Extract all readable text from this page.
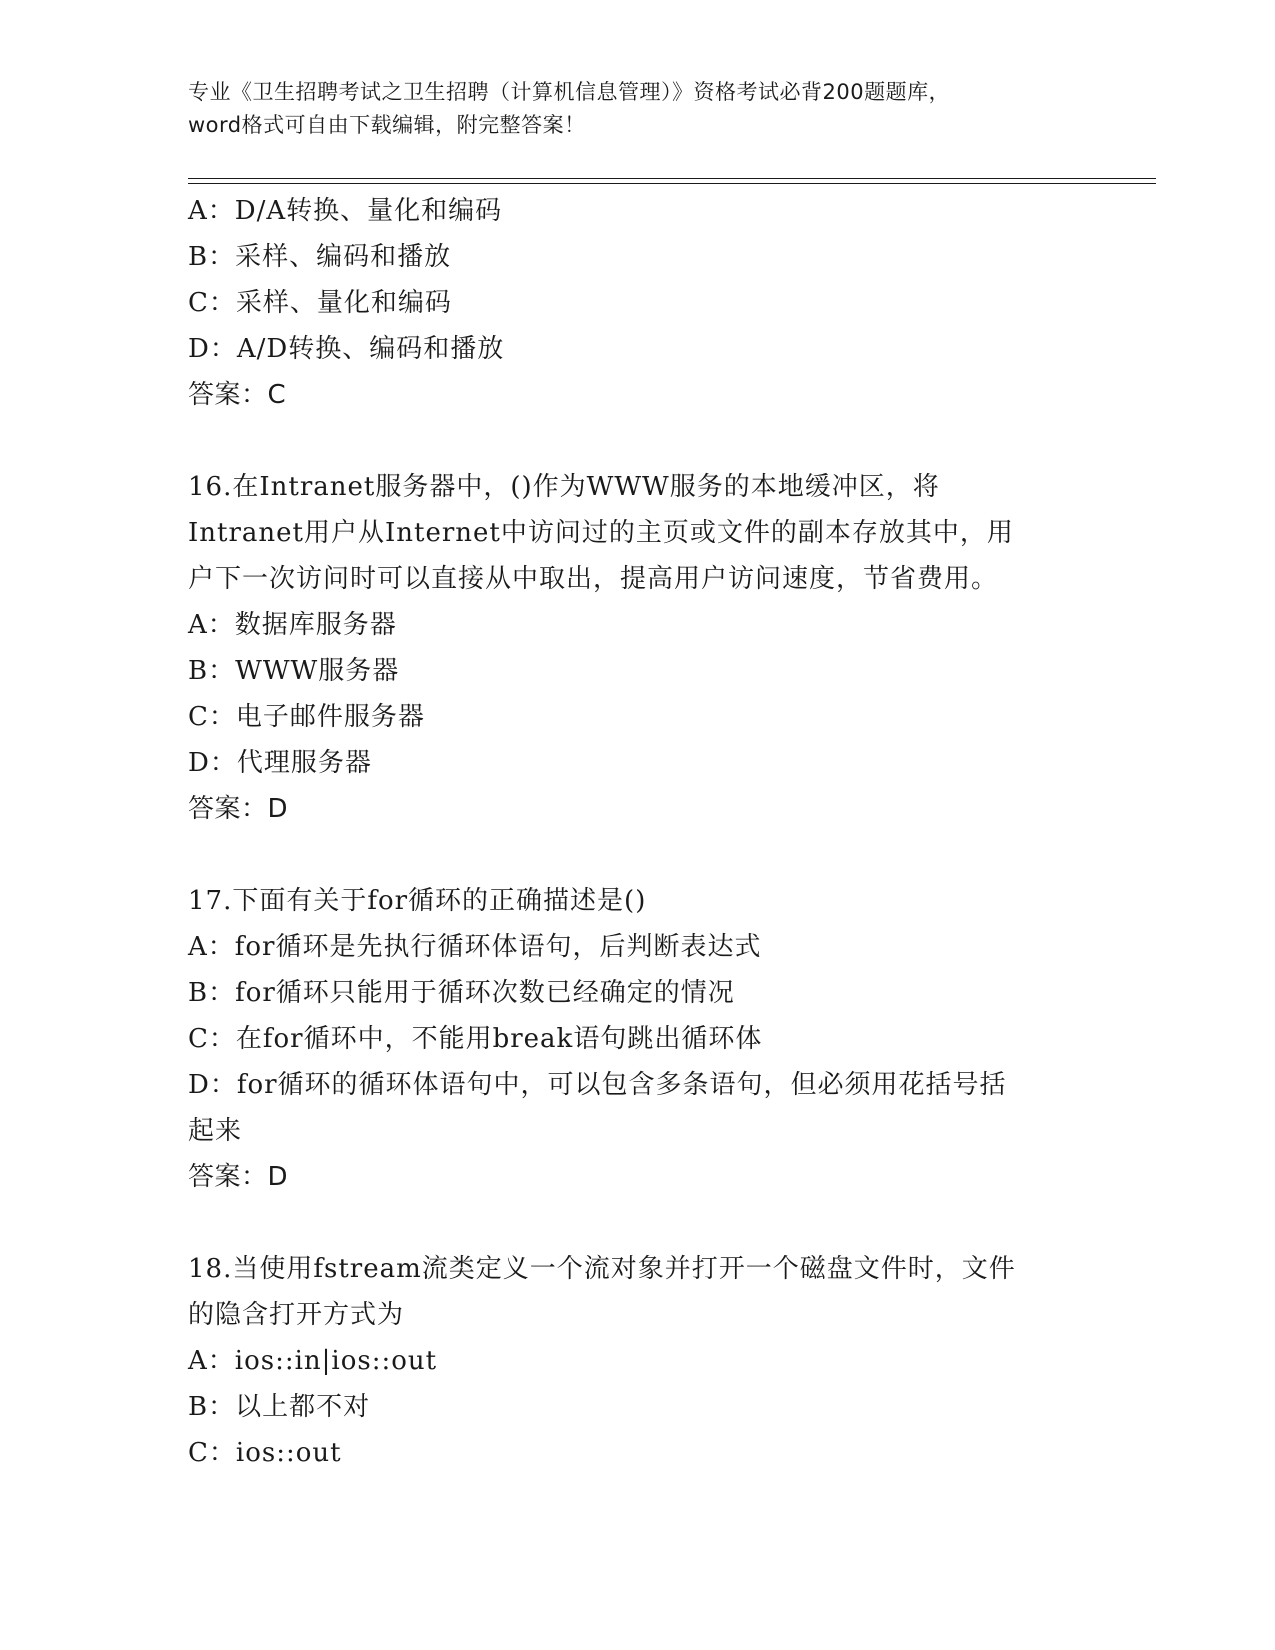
专业《卫生招聘考试之卫生招聘（计算机信息管理）》资格考试必背200题题库，
word格式可自由下载编辑，附完整答案！
A：D/A转换、量化和编码
B：采样、编码和播放
C：采样、量化和编码
D：A/D转换、编码和播放
答案：C
16.在Intranet服务器中，()作为WWW服务的本地缓冲区，将
Intranet用户从Internet中访问过的主页或文件的副本存放其中，用
户下一次访问时可以直接从中取出，提高用户访问速度，节省费用。
A：数据库服务器
B：WWW服务器
C：电子邮件服务器
D：代理服务器
答案：D
17.下面有关于for循环的正确描述是()
A：for循环是先执行循环体语句，后判断表达式
B：for循环只能用于循环次数已经确定的情况
C：在for循环中，不能用break语句跳出循环体
D：for循环的循环体语句中，可以包含多条语句，但必须用花括号括
起来
答案：D
18.当使用fstream流类定义一个流对象并打开一个磁盘文件时，文件
的隐含打开方式为
A：ios::in|ios::out
B：以上都不对
C：ios::out
